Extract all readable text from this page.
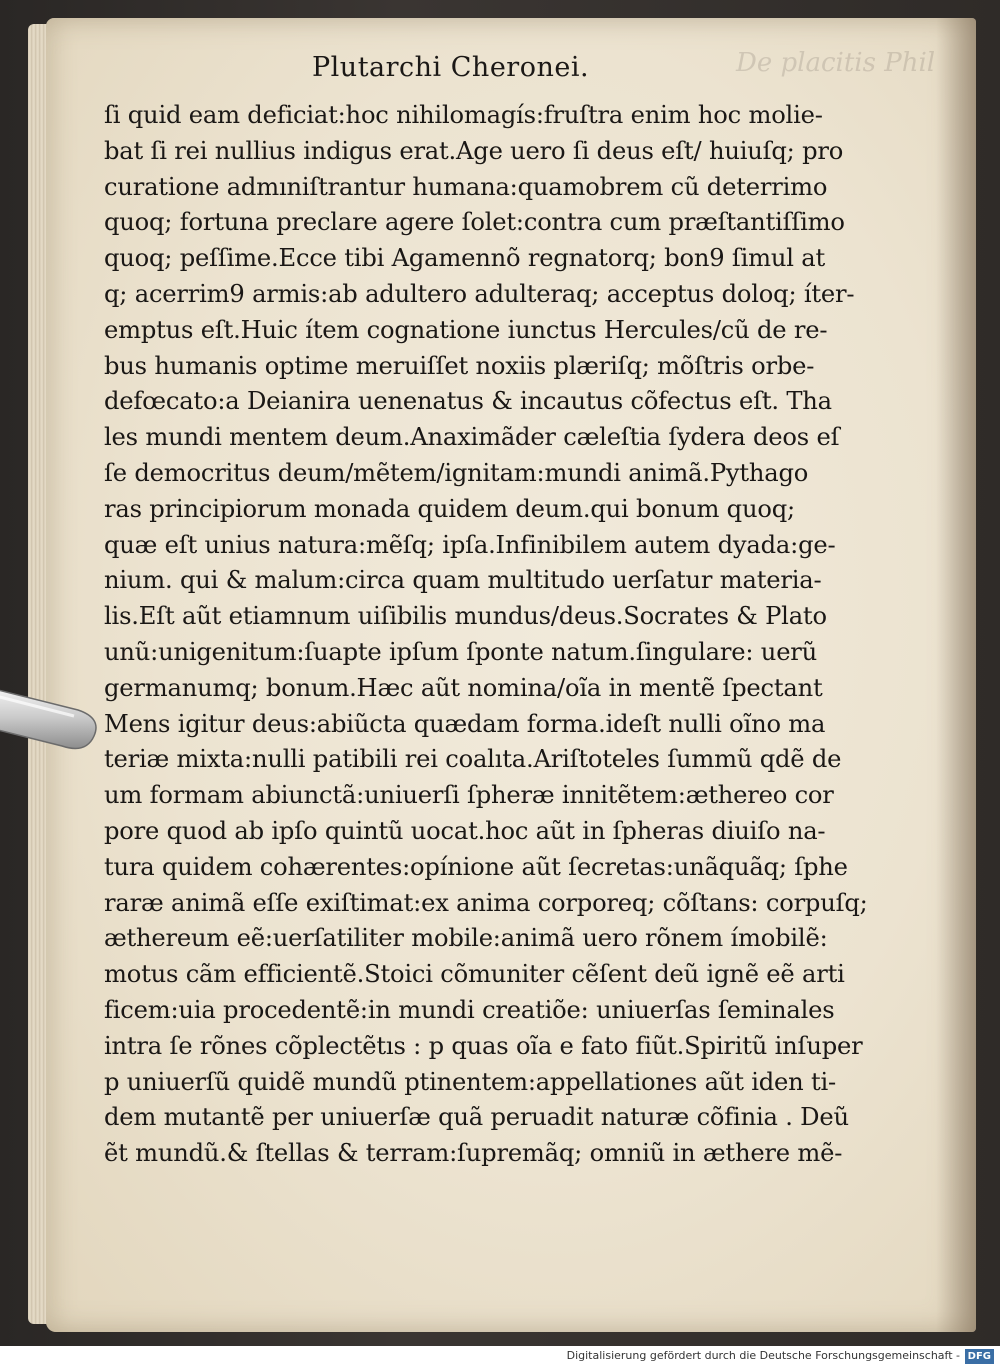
De placitis Phil
Plutarchi Cheronei.
ſi quid eam deficiat:hoc nihilomagís:fruſtra enim hoc molie-
bat ſi rei nullius indigus erat.Age uero ſi deus eſt/ huiuſq; pro
curatione admıniſtrantur humana:quamobrem cũ deterrimo
quoq; fortuna preclare agere ſolet:contra cum præſtantiſſimo
quoq; peſſime.Ecce tibi Agamennõ regnatorq; bon9 ſimul at
q; acerrim9 armis:ab adultero adulteraq; acceptus doloq; íter-
emptus eſt.Huic ítem cognatione iunctus Hercules/cũ de re-
bus humanis optime meruiſſet noxiis plæriſq; mõſtris orbe-
defœcato:a Deianira uenenatus & incautus cõfectus eſt. Tha
les mundi mentem deum.Anaximãder cæleſtia ſydera deos eſ
ſe democritus deum/mẽtem/ignitam:mundi animã.Pythago
ras principiorum monada quidem deum.qui bonum quoq;
quæ eſt unius natura:mẽſq; ipſa.Infinibilem autem dyada:ge-
nium. qui & malum:circa quam multitudo uerſatur materia-
lis.Eſt aũt etiamnum uiſibilis mundus/deus.Socrates & Plato
unũ:unigenitum:ſuapte ipſum ſponte natum.ſingulare: uerũ
germanumq; bonum.Hæc aũt nomina/oĩa in mentẽ ſpectant
Mens igitur deus:abiũcta quædam forma.ideſt nulli oĩno ma
teriæ mixta:nulli patibili rei coalıta.Ariſtoteles ſummũ qdẽ de
um formam abiunctã:uniuerſi ſpheræ innitẽtem:æthereo cor
pore quod ab ipſo quintũ uocat.hoc aũt in ſpheras diuiſo na-
tura quidem cohærentes:opínione aũt ſecretas:unãquãq; ſphe
raræ animã eſſe exiſtimat:ex anima corporeq; cõſtans: corpuſq;
æthereum eẽ:uerſatiliter mobile:animã uero rõnem ímobilẽ:
motus cãm efficientẽ.Stoici cõmuniter cẽſent deũ ignẽ eẽ arti
ficem:uia procedentẽ:in mundi creatiõe: uniuerſas ſeminales
intra ſe rõnes cõplectẽtıs : p quas oĩa e fato fiũt.Spiritũ inſuper
p uniuerſũ quidẽ mundũ ptinentem:appellationes aũt iden ti-
dem mutantẽ per uniuerſæ quã peruadit naturæ cõfinia . Deũ
ẽt mundũ.& ſtellas & terram:ſupremãq; omniũ in æthere mẽ-
Digitalisierung gefördert durch die Deutsche Forschungsgemeinschaft - DFG
